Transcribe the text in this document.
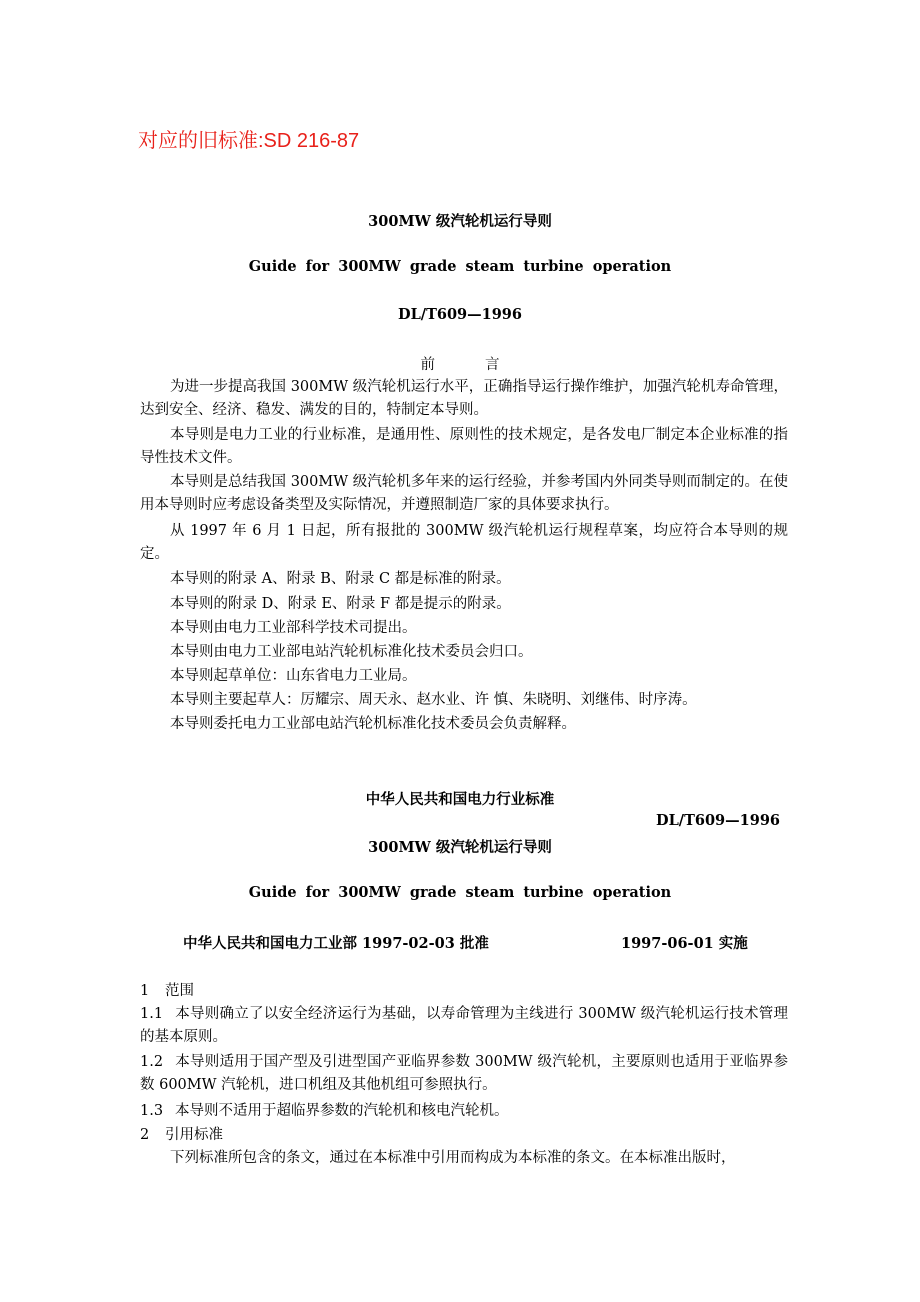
对应的旧标准:SD 216-87
300MW 级汽轮机运行导则
Guide for 300MW grade steam turbine operation
DL/T609—1996
前言
为进一步提高我国 300MW 级汽轮机运行水平，正确指导运行操作维护，加强汽轮机寿命管理，达到安全、经济、稳发、满发的目的，特制定本导则。
本导则是电力工业的行业标准，是通用性、原则性的技术规定，是各发电厂制定本企业标准的指导性技术文件。
本导则是总结我国 300MW 级汽轮机多年来的运行经验，并参考国内外同类导则而制定的。在使用本导则时应考虑设备类型及实际情况，并遵照制造厂家的具体要求执行。
从 1997 年 6 月 1 日起，所有报批的 300MW 级汽轮机运行规程草案，均应符合本导则的规定。
本导则的附录 A、附录 B、附录 C 都是标准的附录。
本导则的附录 D、附录 E、附录 F 都是提示的附录。
本导则由电力工业部科学技术司提出。
本导则由电力工业部电站汽轮机标准化技术委员会归口。
本导则起草单位：山东省电力工业局。
本导则主要起草人：厉耀宗、周天永、赵水业、许 慎、朱晓明、刘继伟、时序涛。
本导则委托电力工业部电站汽轮机标准化技术委员会负责解释。
中华人民共和国电力行业标准
DL/T609—1996
300MW 级汽轮机运行导则
Guide for 300MW grade steam turbine operation
中华人民共和国电力工业部 1997-02-03 批准	1997-06-01 实施
1 范围
1.1 本导则确立了以安全经济运行为基础，以寿命管理为主线进行 300MW 级汽轮机运行技术管理的基本原则。
1.2 本导则适用于国产型及引进型国产亚临界参数 300MW 级汽轮机，主要原则也适用于亚临界参数 600MW 汽轮机，进口机组及其他机组可参照执行。
1.3 本导则不适用于超临界参数的汽轮机和核电汽轮机。
2 引用标准
下列标准所包含的条文，通过在本标准中引用而构成为本标准的条文。在本标准出版时，
